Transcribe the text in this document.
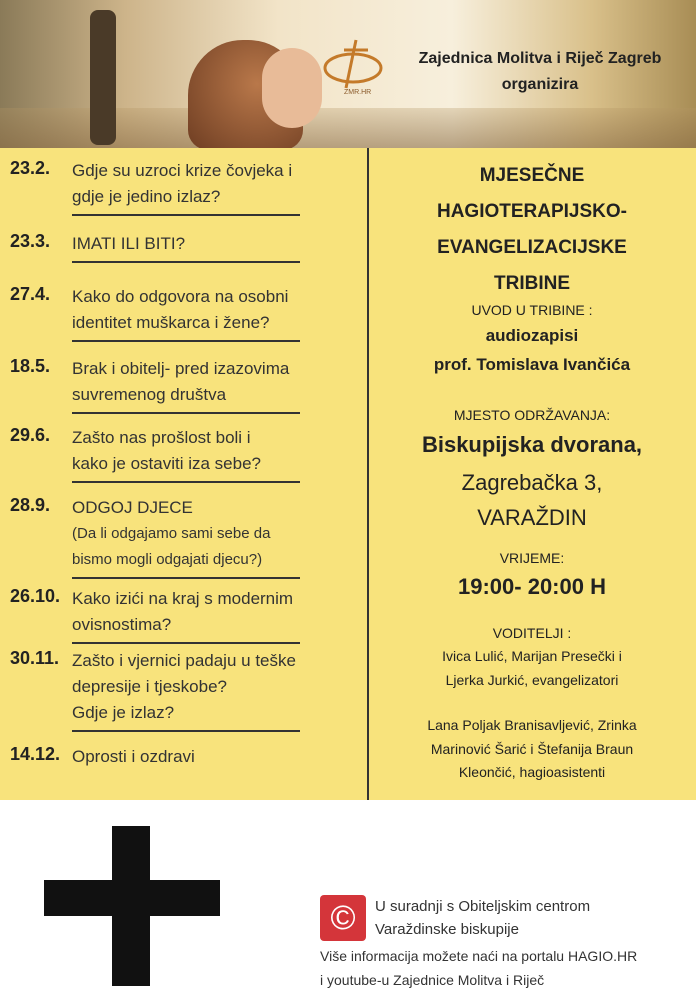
ZMR.HR
Zajednica Molitva i Riječ Zagreb
organizira
23.2. Gdje su uzroci krize čovjeka i
gdje je jedino izlaz?
23.3. IMATI ILI BITI?
27.4. Kako do odgovora na osobni
identitet muškarca i žene?
18.5. Brak i obitelj- pred izazovima
suvremenog društva
29.6. Zašto nas prošlost boli i
kako je ostaviti iza sebe?
28.9. ODGOJ DJECE
(Da li odgajamo sami sebe da
bismo mogli odgajati djecu?)
26.10. Kako izići na kraj s modernim
ovisnostima?
30.11. Zašto i vjernici padaju u teške
depresije i tjeskobe?
Gdje je izlaz?
14.12. Oprosti i ozdravi
MJESEČNE
HAGIOTERAPIJSKO-
EVANGELIZACIJSKE
TRIBINE
UVOD U TRIBINE :
audiozapisi
prof. Tomislava Ivančića
MJESTO ODRŽAVANJA:
Biskupijska dvorana,
Zagrebačka 3,
VARAŽDIN
VRIJEME:
19:00- 20:00 H
VODITELJI :
Ivica Lulić, Marijan Presečki i
Ljerka Jurkić, evangelizatori
Lana Poljak Branisavljević, Zrinka
Marinović Šarić i Štefanija Braun
Kleončić, hagioasistenti
©	U suradnji s Obiteljskim centrom
Varaždinske biskupije
Više informacija možete naći na portalu HAGIO.HR
i youtube-u Zajednice Molitva i Riječ
